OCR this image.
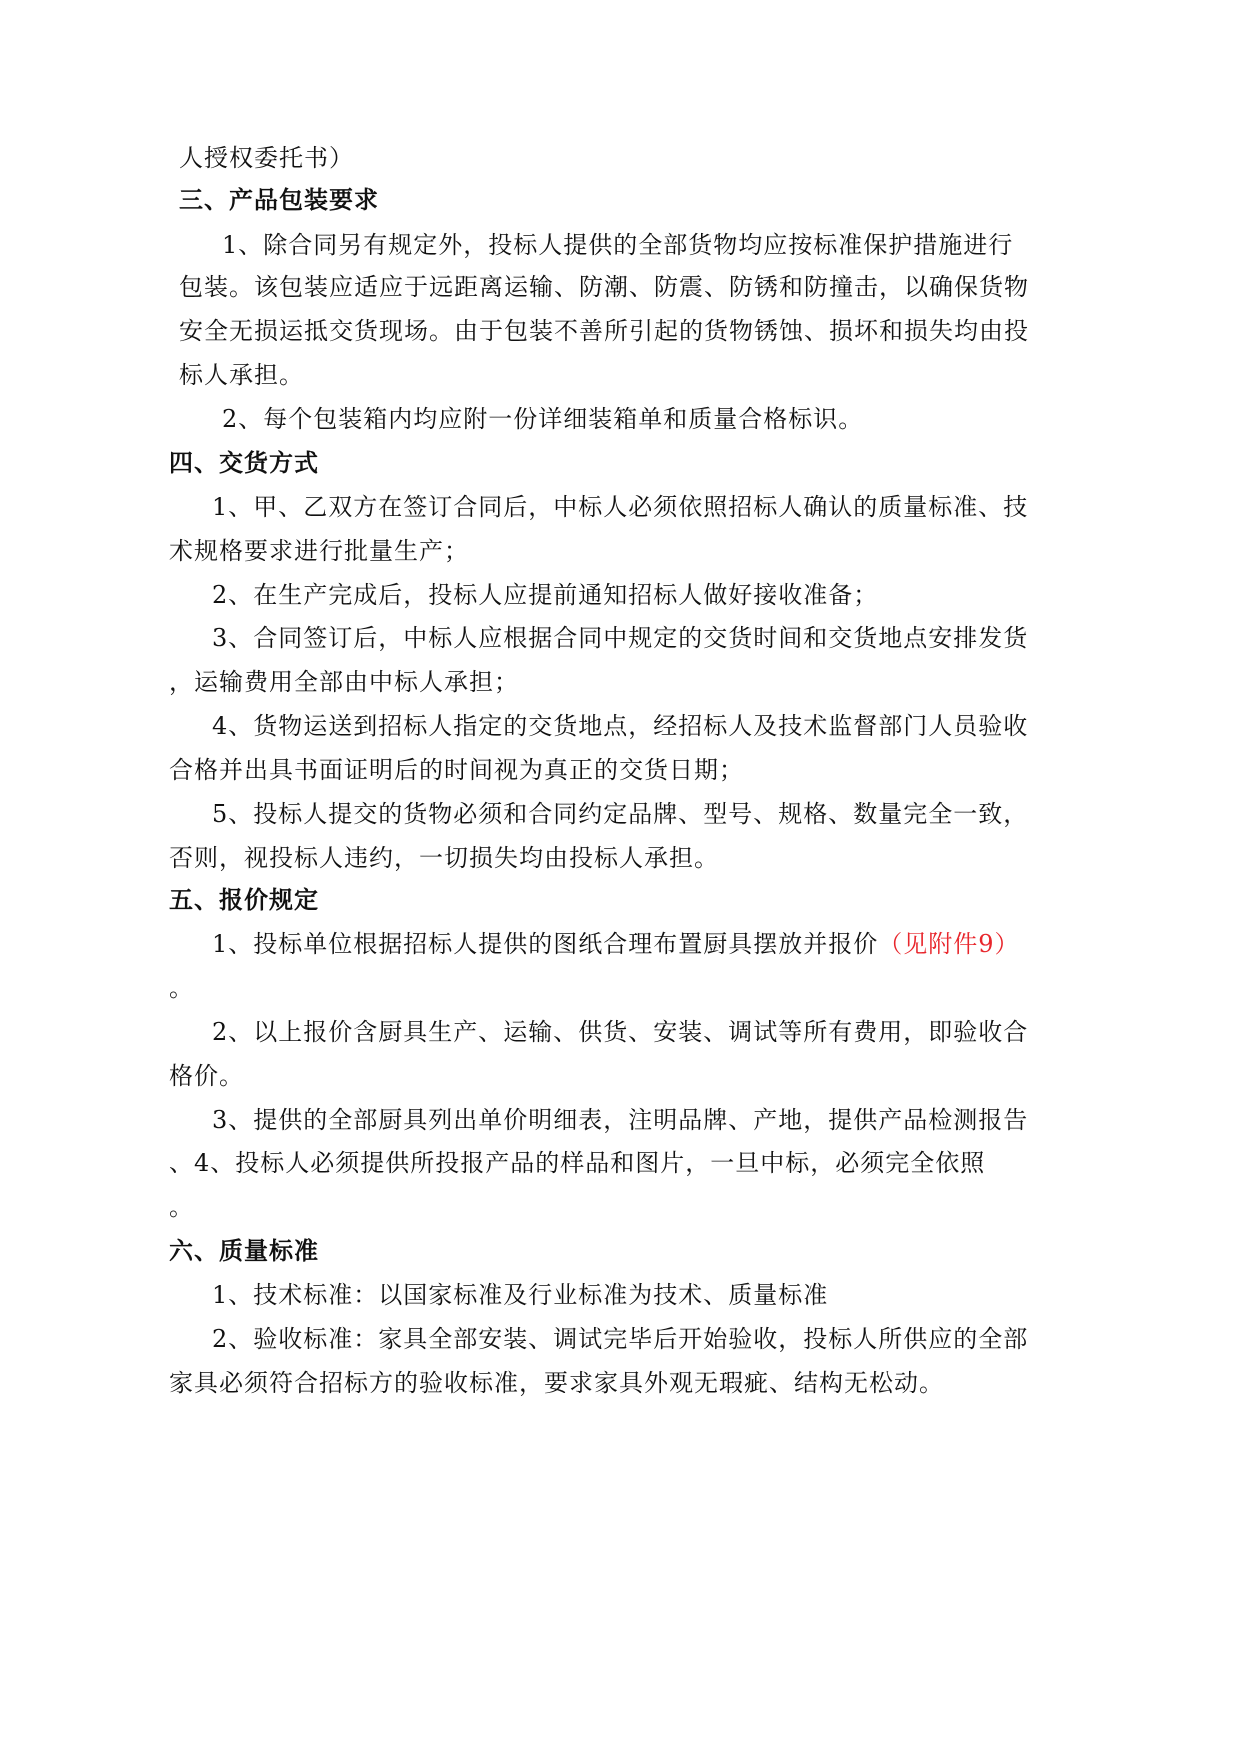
人授权委托书）
三、产品包装要求
1、除合同另有规定外，投标人提供的全部货物均应按标准保护措施进行
包装。该包装应适应于远距离运输、防潮、防震、防锈和防撞击，以确保货物
安全无损运抵交货现场。由于包装不善所引起的货物锈蚀、损坏和损失均由投
标人承担。
2、每个包装箱内均应附一份详细装箱单和质量合格标识。
四、交货方式
1、甲、乙双方在签订合同后，中标人必须依照招标人确认的质量标准、技
术规格要求进行批量生产；
2、在生产完成后，投标人应提前通知招标人做好接收准备；
3、合同签订后，中标人应根据合同中规定的交货时间和交货地点安排发货
，运输费用全部由中标人承担；
4、货物运送到招标人指定的交货地点，经招标人及技术监督部门人员验收
合格并出具书面证明后的时间视为真正的交货日期；
5、投标人提交的货物必须和合同约定品牌、型号、规格、数量完全一致，
否则，视投标人违约，一切损失均由投标人承担。
五、报价规定
1、投标单位根据招标人提供的图纸合理布置厨具摆放并报价（见附件9）
。
2、以上报价含厨具生产、运输、供货、安装、调试等所有费用，即验收合
格价。
3、提供的全部厨具列出单价明细表，注明品牌、产地，提供产品检测报告
、4、投标人必须提供所投报产品的样品和图片，一旦中标，必须完全依照
。
六、质量标准
1、技术标准：以国家标准及行业标准为技术、质量标准
2、验收标准：家具全部安装、调试完毕后开始验收，投标人所供应的全部
家具必须符合招标方的验收标准，要求家具外观无瑕疵、结构无松动。
